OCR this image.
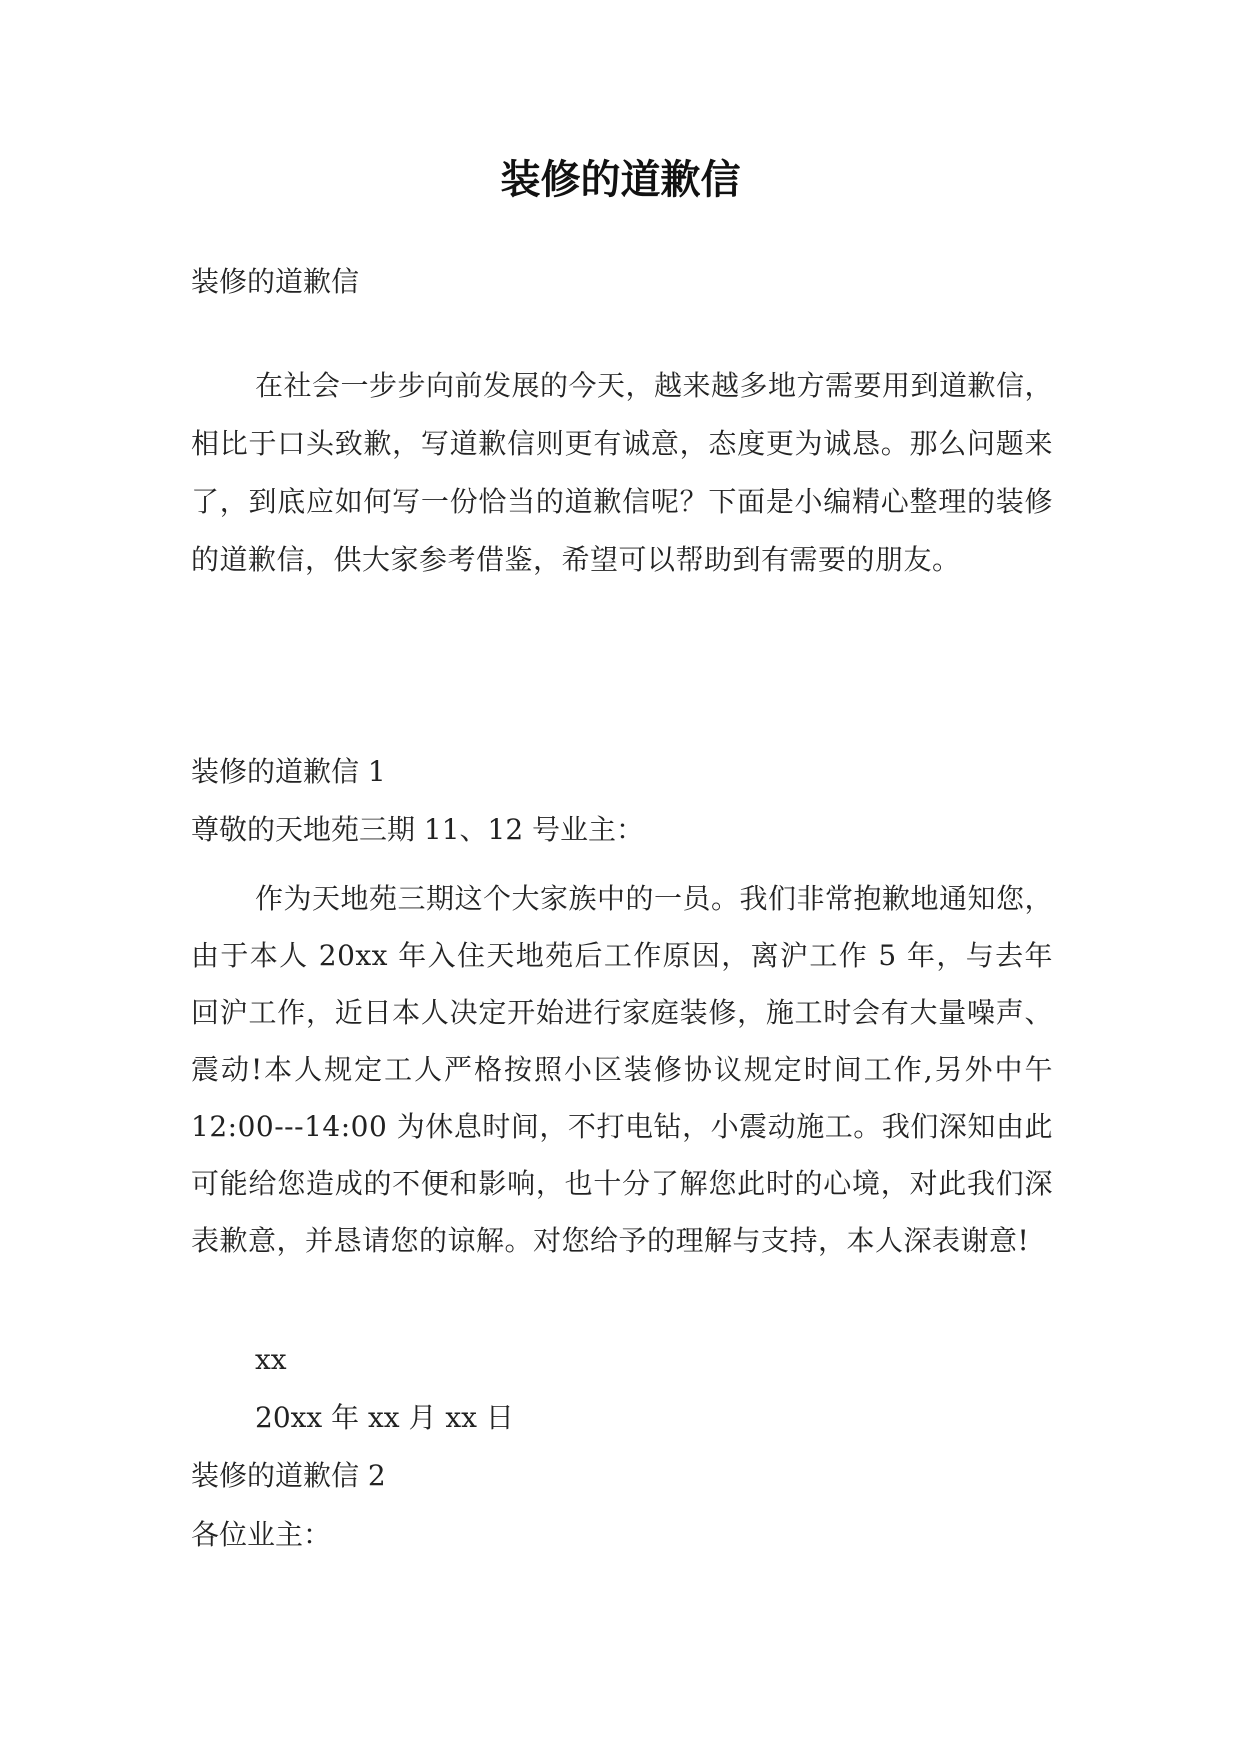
装修的道歉信

装修的道歉信

在社会一步步向前发展的今天，越来越多地方需要用到道歉信，相比于口头致歉，写道歉信则更有诚意，态度更为诚恳。那么问题来了，到底应如何写一份恰当的道歉信呢？下面是小编精心整理的装修的道歉信，供大家参考借鉴，希望可以帮助到有需要的朋友。

装修的道歉信 1

尊敬的天地苑三期 11、12 号业主：

作为天地苑三期这个大家族中的一员。我们非常抱歉地通知您，由于本人 20xx 年入住天地苑后工作原因，离沪工作 5 年，与去年回沪工作，近日本人决定开始进行家庭装修，施工时会有大量噪声、震动!本人规定工人严格按照小区装修协议规定时间工作,另外中午 12:00---14:00 为休息时间，不打电钻，小震动施工。我们深知由此可能给您造成的不便和影响，也十分了解您此时的心境，对此我们深表歉意，并恳请您的谅解。对您给予的理解与支持，本人深表谢意!

xx

20xx 年 xx 月 xx 日

装修的道歉信 2

各位业主：
